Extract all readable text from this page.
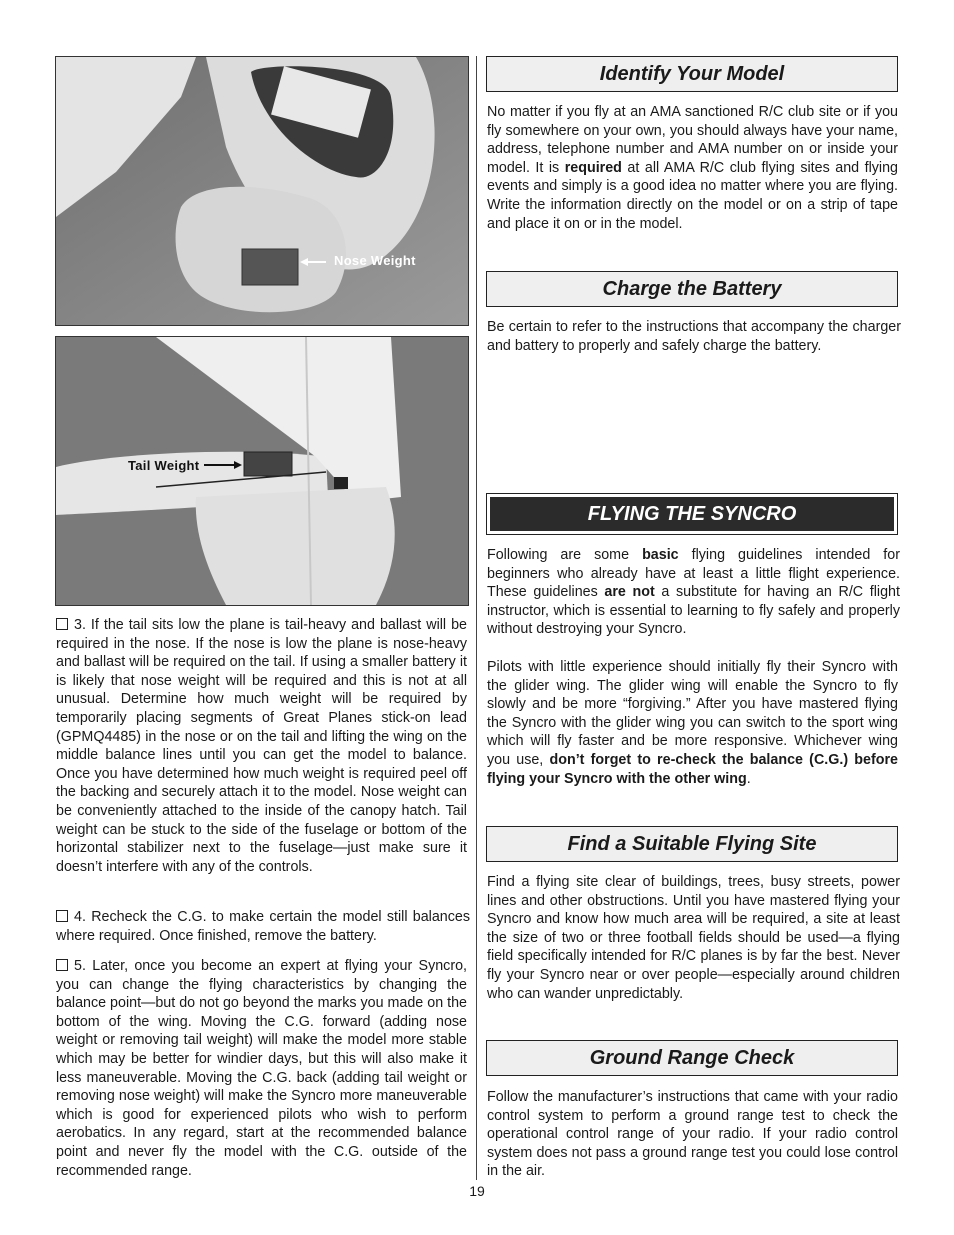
Nose Weight
Tail Weight

3. If the tail sits low the plane is tail-heavy and ballast will be required in the nose. If the nose is low the plane is nose-heavy and ballast will be required on the tail. If using a smaller battery it is likely that nose weight will be required and this is not at all unusual. Determine how much weight will be required by temporarily placing segments of Great Planes stick-on lead (GPMQ4485) in the nose or on the tail and lifting the wing on the middle balance lines until you can get the model to balance. Once you have determined how much weight is required peel off the backing and securely attach it to the model. Nose weight can be conveniently attached to the inside of the canopy hatch. Tail weight can be stuck to the side of the fuselage or bottom of the horizontal stabilizer next to the fuselage—just make sure it doesn’t interfere with any of the controls.

4. Recheck the C.G. to make certain the model still balances where required. Once finished, remove the battery.

5. Later, once you become an expert at flying your Syncro, you can change the flying characteristics by changing the balance point—but do not go beyond the marks you made on the bottom of the wing. Moving the C.G. forward (adding nose weight or removing tail weight) will make the model more stable which may be better for windier days, but this will also make it less maneuverable. Moving the C.G. back (adding tail weight or removing nose weight) will make the Syncro more maneuverable which is good for experienced pilots who wish to perform aerobatics. In any regard, start at the recommended balance point and never fly the model with the C.G. outside of the recommended range.

Identify Your Model

No matter if you fly at an AMA sanctioned R/C club site or if you fly somewhere on your own, you should always have your name, address, telephone number and AMA number on or inside your model. It is required at all AMA R/C club flying sites and flying events and simply is a good idea no matter where you are flying. Write the information directly on the model or on a strip of tape and place it on or in the model.

Charge the Battery

Be certain to refer to the instructions that accompany the charger and battery to properly and safely charge the battery.

FLYING THE SYNCRO

Following are some basic flying guidelines intended for beginners who already have at least a little flight experience. These guidelines are not a substitute for having an R/C flight instructor, which is essential to learning to fly safely and properly without destroying your Syncro.

Pilots with little experience should initially fly their Syncro with the glider wing. The glider wing will enable the Syncro to fly slowly and be more “forgiving.” After you have mastered flying the Syncro with the glider wing you can switch to the sport wing which will fly faster and be more responsive. Whichever wing you use, don’t forget to re-check the balance (C.G.) before flying your Syncro with the other wing.

Find a Suitable Flying Site

Find a flying site clear of buildings, trees, busy streets, power lines and other obstructions. Until you have mastered flying your Syncro and know how much area will be required, a site at least the size of two or three football fields should be used—a flying field specifically intended for R/C planes is by far the best. Never fly your Syncro near or over people—especially around children who can wander unpredictably.

Ground Range Check

Follow the manufacturer’s instructions that came with your radio control system to perform a ground range test to check the operational control range of your radio. If your radio control system does not pass a ground range test you could lose control in the air.

19
